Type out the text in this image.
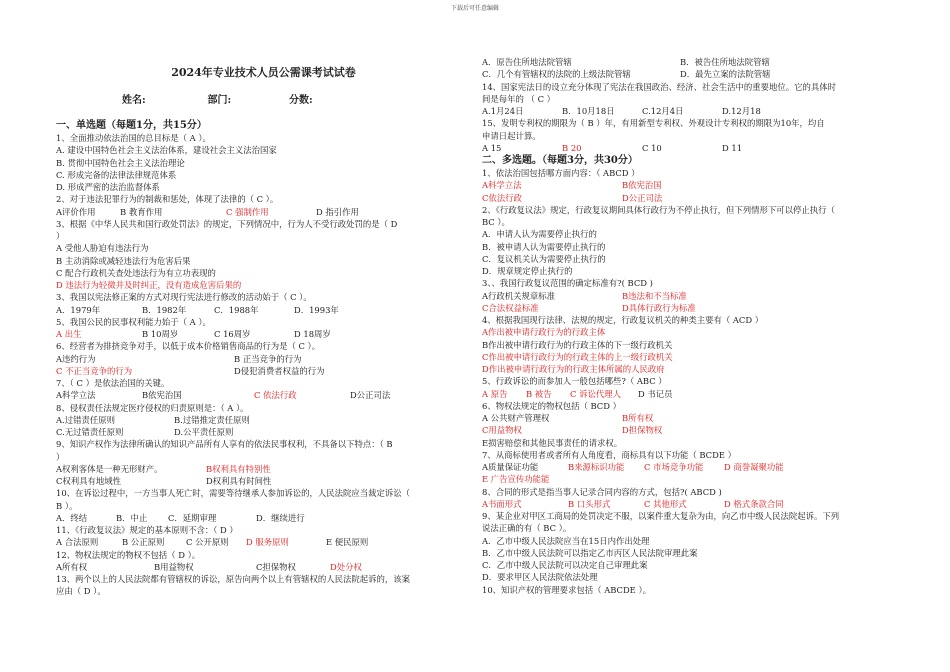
下载后可任意编辑
2024年专业技术人员公需课考试试卷
姓名:	部门:	分数:
一、单选题（每题1分，共15分）
1、全面推动依法治国的总目标是（ A ）。
A. 建设中国特色社会主义法治体系，建设社会主义法治国家
B. 贯彻中国特色社会主义法治理论
C. 形成完备的法律法律规范体系
D. 形成严密的法治监督体系
2、对于违法犯罪行为的制裁和惩处，体现了法律的（ C ）。
A评价作用	B 教育作用	C 强制作用	D 指引作用
3、根据《中华人民共和国行政处罚法》的规定，下列情况中，行为人不受行政处罚的是（ D
）
A 受他人胁迫有违法行为
B 主动消除或减轻违法行为危害后果
C 配合行政机关查处违法行为有立功表现的
D 违法行为轻微并及时纠正，没有造成危害后果的
3、我国以宪法修正案的方式对现行宪法进行修改的活动始于（ C ）。
A．1979年	B．1982年	C．1988年	D．1993年
5、我国公民的民事权利能力始于（ A ）。
A 出生	B 10周岁	C 16周岁	D 18周岁
6、经营者为排挤竞争对手，以低于成本价格销售商品的行为是（ C ）。
A违约行为	B 正当竞争的行为
C 不正当竞争的行为	D侵犯消费者权益的行为
7、（ C ）是依法治国的关键。
A科学立法	B依宪治国	C 依法行政	D公正司法
8、侵权责任法规定医疗侵权的归责原则是：（ A ）。
A.过错责任原则	B.过错推定责任原则
C.无过错责任原则	D.公平责任原则
9、知识产权作为法律所确认的知识产品所有人享有的依法民事权利，不具备以下特点：（ B
）
A权利客体是一种无形财产。	B权利具有特别性
C权利具有地域性	D权利具有时间性
10、在诉讼过程中，一方当事人死亡时，需要等待继承人参加诉讼的，人民法院应当裁定诉讼（
B ）。
A．终结	B．中止 C．延期审理	D．继续进行
11、《行政复议法》规定的基本原则不含：（ D ）
A 合法原则	B 公正原则	C 公开原则 D 服务原则	E 便民原则
12、物权法规定的物权不包括（ D ）。
A所有权	B用益物权	C担保物权	D处分权
13、两个以上的人民法院都有管辖权的诉讼，原告向两个以上有管辖权的人民法院起诉的，该案
应由（ D ）。
A．原告住所地法院管辖	B．被告住所地法院管辖
C．几个有管辖权的法院的上级法院管辖	D．最先立案的法院管辖
14、国家宪法日的设立充分体现了宪法在我国政治、经济、社会生活中的重要地位。它的具体时
间是每年的 （ C ）
A.1月24日	B．10月18日	C.12月4日	D.12月18
15、发明专利权的期限为（ B ）年，有用新型专利权、外观设计专利权的期限为10年，均自
申请日起计算。
A 15	B 20	C 10	D 11
二、多选题。（每题3分，共30分）
1、依法治国包括哪方面内容：（ ABCD ）
A科学立法	B依宪治国
C依法行政	D公正司法
2、《行政复议法》规定，行政复议期间具体行政行为不停止执行，但下列情形下可以停止执行（
BC ）。
A．申请人认为需要停止执行的
B．被申请人认为需要停止执行的
C．复议机关认为需要停止执行的
D．规章规定停止执行的
3、、我国行政复议范围的确定标准有?( BCD )
A行政机关规章标准	B违法和不当标准
C合法权益标准	D具体行政行为标准
4、根据我国现行法律、法规的规定，行政复议机关的种类主要有（ ACD ）
A作出被申请行政行为的行政主体
B作出被申请行政行为的行政主体的下一级行政机关
C作出被申请行政行为的行政主体的上一级行政机关
D作出被申请行政行为的行政主体所属的人民政府
5、行政诉讼的而参加人一般包括哪些?（ ABC ）
A 原告 B 被告 C 诉讼代理人 D 书记员
6、物权法规定的物权包括（ BCD ）
A 公共财产管理权	B所有权
C用益物权	D担保物权
E损害赔偿和其他民事责任的请求权。
7、从商标使用者或者所有人角度看，商标具有以下功能（ BCDE ）
A质量保证功能	B来源标识功能 C 市场竞争功能 D 商誉凝聚功能
E 广告宣传功能能
8、合同的形式是指当事人记录合同内容的方式，包括?( ABCD )
A书面形式	B 口头形式	C 其他形式	D 格式条款合同
9、某企业对甲区工商局的处罚决定不服，以案件重大复杂为由，向乙市中级人民法院起诉。下列
说法正确的有（ BC ）。
A．乙市中级人民法院应当在15日内作出处理
B．乙市中级人民法院可以指定乙市丙区人民法院审理此案
C．乙市中级人民法院可以决定自己审理此案
D．要求甲区人民法院依法处理
10、知识产权的管理要求包括（ ABCDE ）。
